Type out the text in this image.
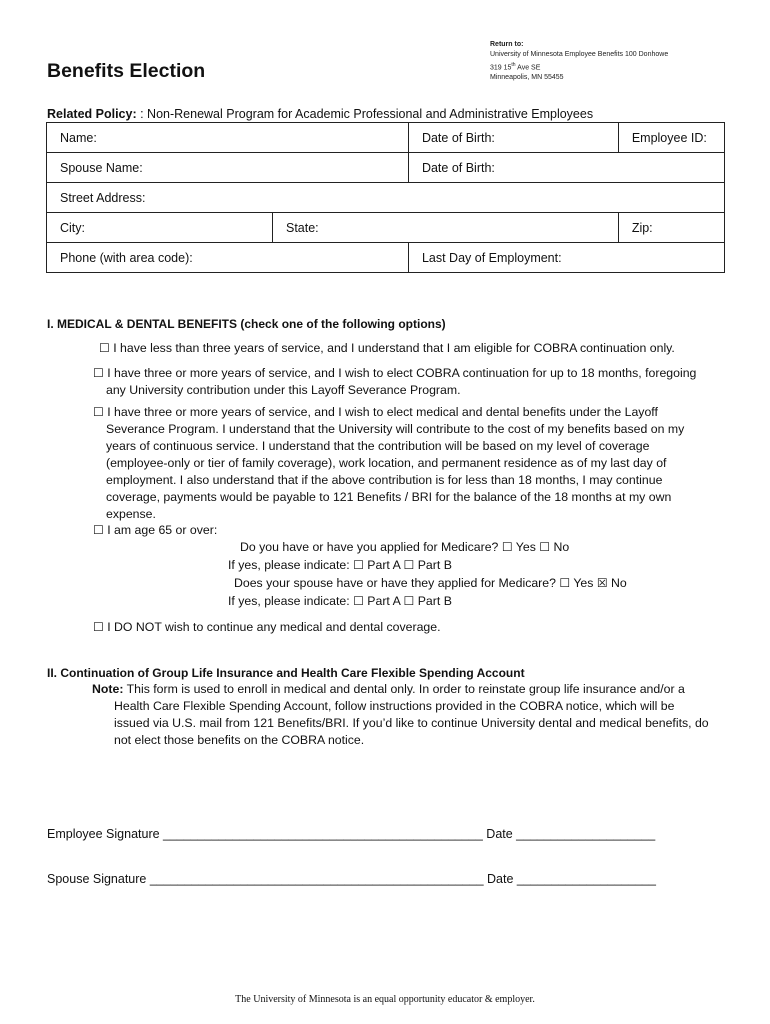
Benefits Election
Return to:
University of Minnesota Employee Benefits 100 Donhowe
319 15th Ave SE
Minneapolis, MN 55455
Related Policy: : Non-Renewal Program for Academic Professional and Administrative Employees
Name:		Date of Birth:	Employee ID:
Spouse Name:		Date of Birth:	
Street Address:			
City:	State:		Zip:
Phone (with area code):		Last Day of Employment:	
I. MEDICAL & DENTAL BENEFITS (check one of the following options)
☐ I have less than three years of service, and I understand that I am eligible for COBRA continuation only.
☐ I have three or more years of service, and I wish to elect COBRA continuation for up to 18 months, foregoing
any University contribution under this Layoff Severance Program.
☐ I have three or more years of service, and I wish to elect medical and dental benefits under the Layoff
Severance Program. I understand that the University will contribute to the cost of my benefits based on my
years of continuous service. I understand that the contribution will be based on my level of coverage
(employee-only or tier of family coverage), work location, and permanent residence as of my last day of
employment. I also understand that if the above contribution is for less than 18 months, I may continue
coverage, payments would be payable to 121 Benefits / BRI for the balance of the 18 months at my own
expense.
☐ I am age 65 or over:
Do you have or have you applied for Medicare? ☐ Yes ☐ No
If yes, please indicate: ☐ Part A ☐ Part B
Does your spouse have or have they applied for Medicare? ☐ Yes ☒ No
If yes, please indicate: ☐ Part A ☐ Part B
☐ I DO NOT wish to continue any medical and dental coverage.
II. Continuation of Group Life Insurance and Health Care Flexible Spending Account
Note: This form is used to enroll in medical and dental only. In order to reinstate group life insurance and/or a
Health Care Flexible Spending Account, follow instructions provided in the COBRA notice, which will be
issued via U.S. mail from 121 Benefits/BRI. If you’d like to continue University dental and medical benefits, do
not elect those benefits on the COBRA notice.
Employee Signature ______________________________________________ Date ____________________
Spouse Signature ________________________________________________ Date ____________________
The University of Minnesota is an equal opportunity educator & employer.
